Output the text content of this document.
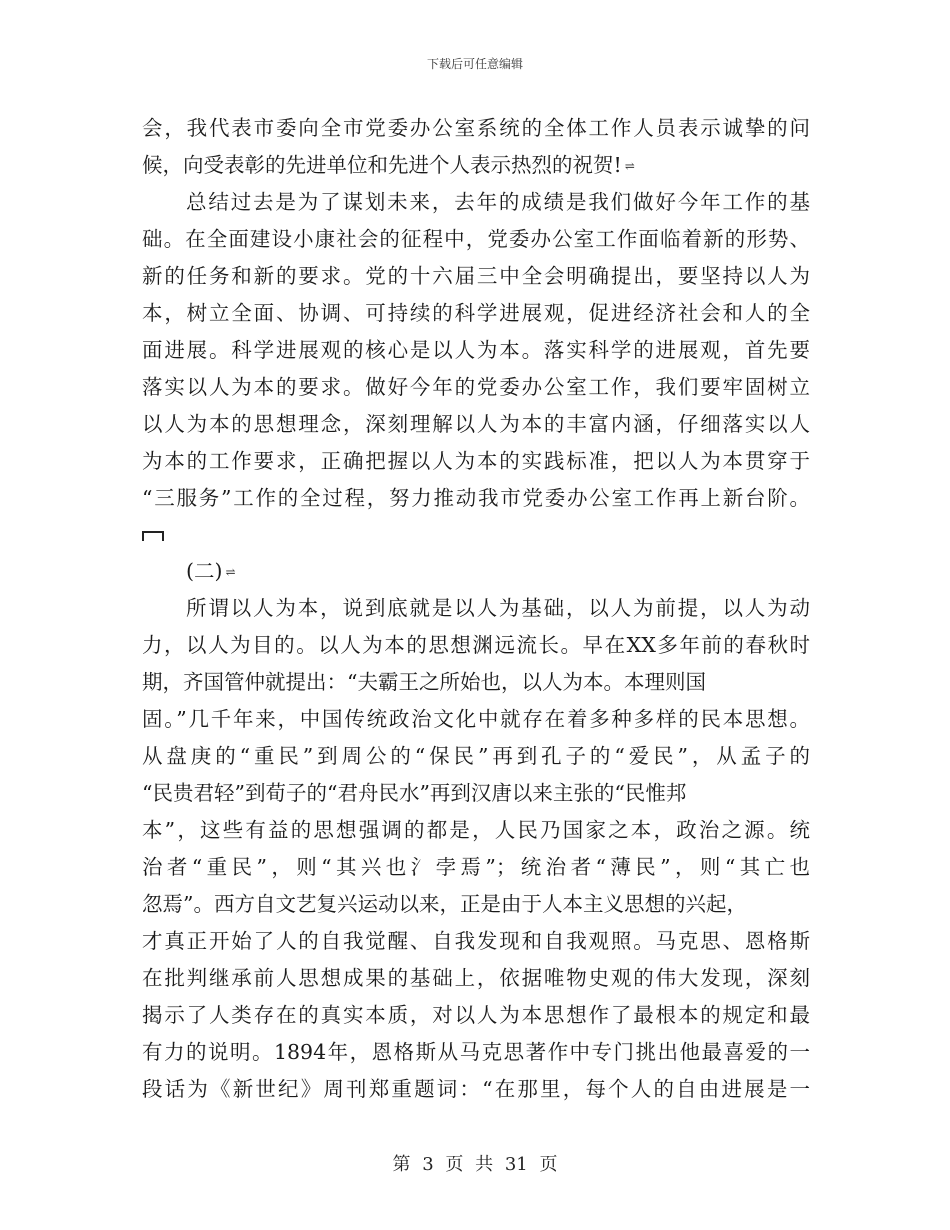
下载后可任意编辑
会，我代表市委向全市党委办公室系统的全体工作人员表示诚挚的问
候，向受表彰的先进单位和先进个人表示热烈的祝贺! ⇌
总结过去是为了谋划未来，去年的成绩是我们做好今年工作的基
础。在全面建设小康社会的征程中，党委办公室工作面临着新的形势、
新的任务和新的要求。党的十六届三中全会明确提出，要坚持以人为
本，树立全面、协调、可持续的科学进展观，促进经济社会和人的全
面进展。科学进展观的核心是以人为本。落实科学的进展观，首先要
落实以人为本的要求。做好今年的党委办公室工作，我们要牢固树立
以人为本的思想理念，深刻理解以人为本的丰富内涵，仔细落实以人
为本的工作要求，正确把握以人为本的实践标准，把以人为本贯穿于
“三服务”工作的全过程，努力推动我市党委办公室工作再上新台阶。
(二) ⇌
所谓以人为本，说到底就是以人为基础，以人为前提，以人为动
力，以人为目的。以人为本的思想渊远流长。早在XX多年前的春秋时
期，齐国管仲就提出：“夫霸王之所始也，以人为本。本理则国
固。”几千年来，中国传统政治文化中就存在着多种多样的民本思想。
从盘庚的“重民”到周公的“保民”再到孔子的“爱民”，从孟子的
“民贵君轻”到荀子的“君舟民水”再到汉唐以来主张的“民惟邦
本”，这些有益的思想强调的都是，人民乃国家之本，政治之源。统
治者“重民”，则“其兴也氵孛焉”；统治者“薄民”，则“其亡也
忽焉”。西方自文艺复兴运动以来，正是由于人本主义思想的兴起，
才真正开始了人的自我觉醒、自我发现和自我观照。马克思、恩格斯
在批判继承前人思想成果的基础上，依据唯物史观的伟大发现，深刻
揭示了人类存在的真实本质，对以人为本思想作了最根本的规定和最
有力的说明。1894年，恩格斯从马克思著作中专门挑出他最喜爱的一
段话为《新世纪》周刊郑重题词：“在那里，每个人的自由进展是一
第 3 页 共 31 页
